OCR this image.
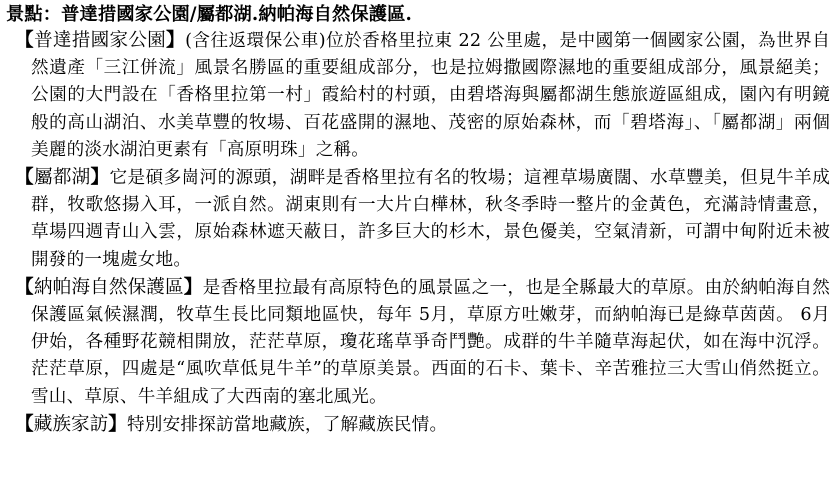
景點：普達措國家公園/屬都湖.納帕海自然保護區.

【普達措國家公園】(含往返環保公車)位於香格里拉東 22 公里處，是中國第一個國家公園，為世界自然遺產「三江併流」風景名勝區的重要組成部分，也是拉姆撒國際濕地的重要組成部分，風景絕美；公園的大門設在「香格里拉第一村」霞給村的村頭，由碧塔海與屬都湖生態旅遊區組成，園內有明鏡般的高山湖泊、水美草豐的牧場、百花盛開的濕地、茂密的原始森林，而「碧塔海」、「屬都湖」兩個美麗的淡水湖泊更素有「高原明珠」之稱。

【屬都湖】它是碩多崗河的源頭，湖畔是香格里拉有名的牧場；這裡草場廣闊、水草豐美，但見牛羊成群，牧歌悠揚入耳，一派自然。湖東則有一大片白樺林，秋冬季時一整片的金黃色，充滿詩情畫意，草場四週青山入雲，原始森林遮天蔽日，許多巨大的杉木，景色優美，空氣清新，可謂中甸附近未被開發的一塊處女地。

【納帕海自然保護區】是香格里拉最有高原特色的風景區之一，也是全縣最大的草原。由於納帕海自然保護區氣候濕潤，牧草生長比同類地區快，每年 5月，草原方吐嫩芽，而納帕海已是綠草茵茵。 6月伊始，各種野花競相開放，茫茫草原，瓊花瑤草爭奇鬥艷。成群的牛羊隨草海起伏，如在海中沉浮。茫茫草原，四處是“風吹草低見牛羊”的草原美景。西面的石卡、葉卡、辛苦雅拉三大雪山俏然挺立。雪山、草原、牛羊組成了大西南的塞北風光。

【藏族家訪】特別安排探訪當地藏族，了解藏族民情。
